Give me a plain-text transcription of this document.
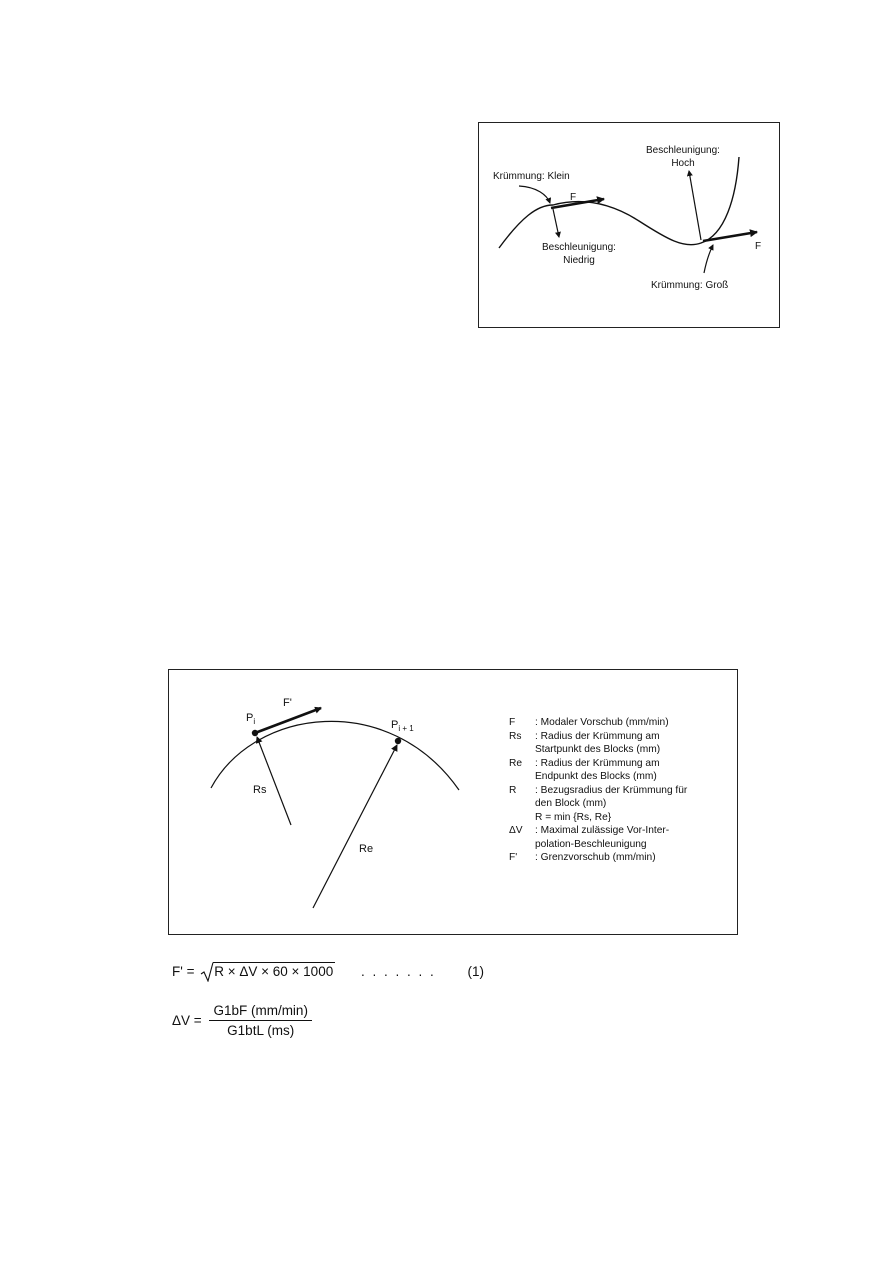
Krümmung: Klein
F
Beschleunigung:
Niedrig
Beschleunigung:
Hoch
F
Krümmung: Groß
$P_i$
F'
$P_{i + 1}$
Rs
Re
F	: Modaler Vorschub (mm/min)
Rs	: Radius der Krümmung am
Startpunkt des Blocks (mm)
Re	: Radius der Krümmung am
Endpunkt des Blocks (mm)
R	: Bezugsradius der Krümmung für
den Block (mm)
R = min {Rs, Re}
ΔV	: Maximal zulässige Vor-Inter-
polation-Beschleunigung
F'	: Grenzvorschub (mm/min)
F' = R × ΔV × 60 × 1000 . . . . . . . (1)
$\Delta V = \frac{G1bF (mm/\min)}{\text{G1btL (ms)}}$
